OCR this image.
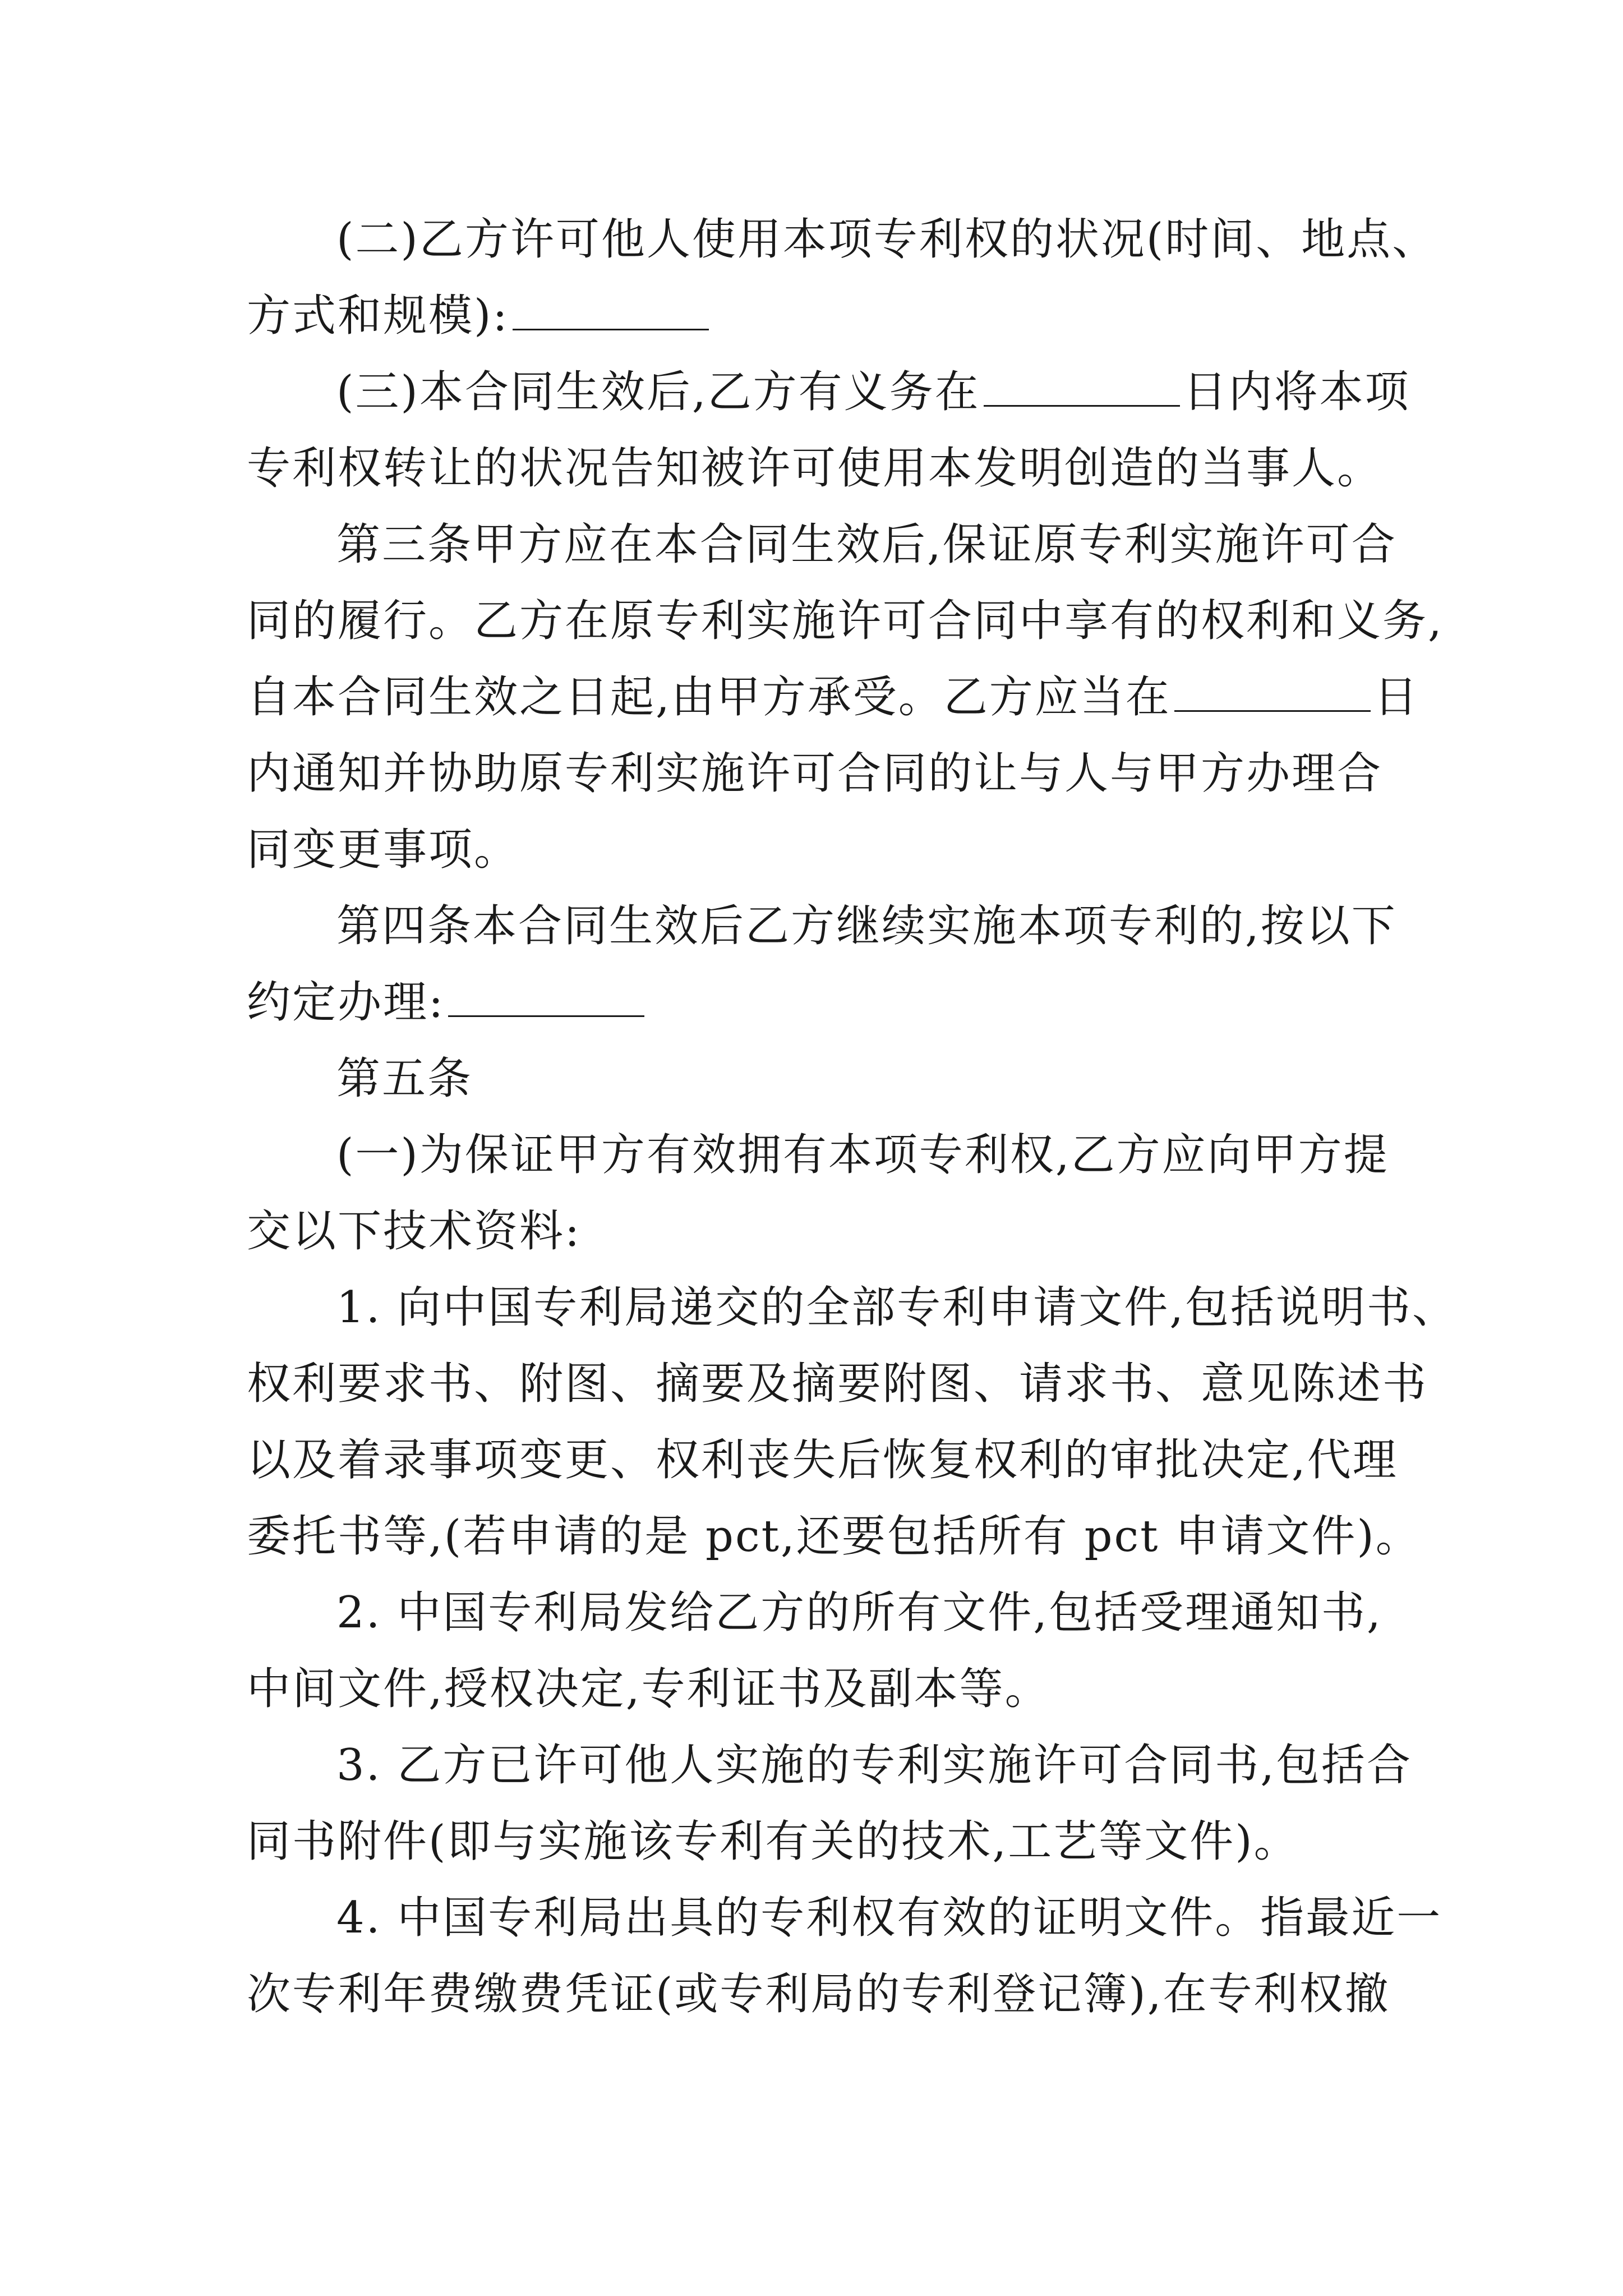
(二)乙方许可他人使用本项专利权的状况(时间、地点、
方式和规模):
(三)本合同生效后,乙方有义务在	日内将本项
专利权转让的状况告知被许可使用本发明创造的当事人。
第三条甲方应在本合同生效后,保证原专利实施许可合
同的履行。乙方在原专利实施许可合同中享有的权利和义务,
自本合同生效之日起,由甲方承受。乙方应当在	日
内通知并协助原专利实施许可合同的让与人与甲方办理合
同变更事项。
第四条本合同生效后乙方继续实施本项专利的,按以下
约定办理:
第五条
(一)为保证甲方有效拥有本项专利权,乙方应向甲方提
交以下技术资料:
1. 向中国专利局递交的全部专利申请文件,包括说明书、
权利要求书、附图、摘要及摘要附图、请求书、意见陈述书
以及着录事项变更、权利丧失后恢复权利的审批决定,代理
委托书等,(若申请的是 pct,还要包括所有 pct 申请文件)。
2. 中国专利局发给乙方的所有文件,包括受理通知书,
中间文件,授权决定,专利证书及副本等。
3. 乙方已许可他人实施的专利实施许可合同书,包括合
同书附件(即与实施该专利有关的技术,工艺等文件)。
4. 中国专利局出具的专利权有效的证明文件。指最近一
次专利年费缴费凭证(或专利局的专利登记簿),在专利权撤
